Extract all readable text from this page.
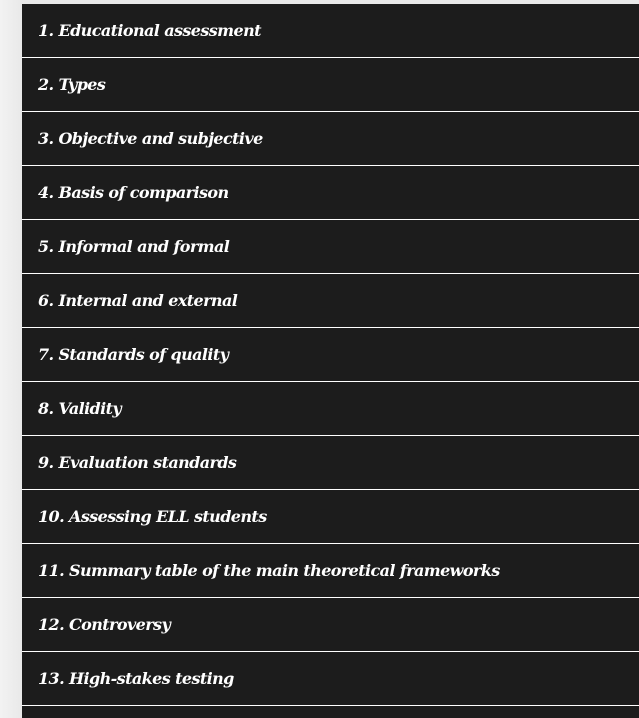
1. Educational assessment
2. Types
3. Objective and subjective
4. Basis of comparison
5. Informal and formal
6. Internal and external
7. Standards of quality
8. Validity
9. Evaluation standards
10. Assessing ELL students
11. Summary table of the main theoretical frameworks
12. Controversy
13. High-stakes testing
